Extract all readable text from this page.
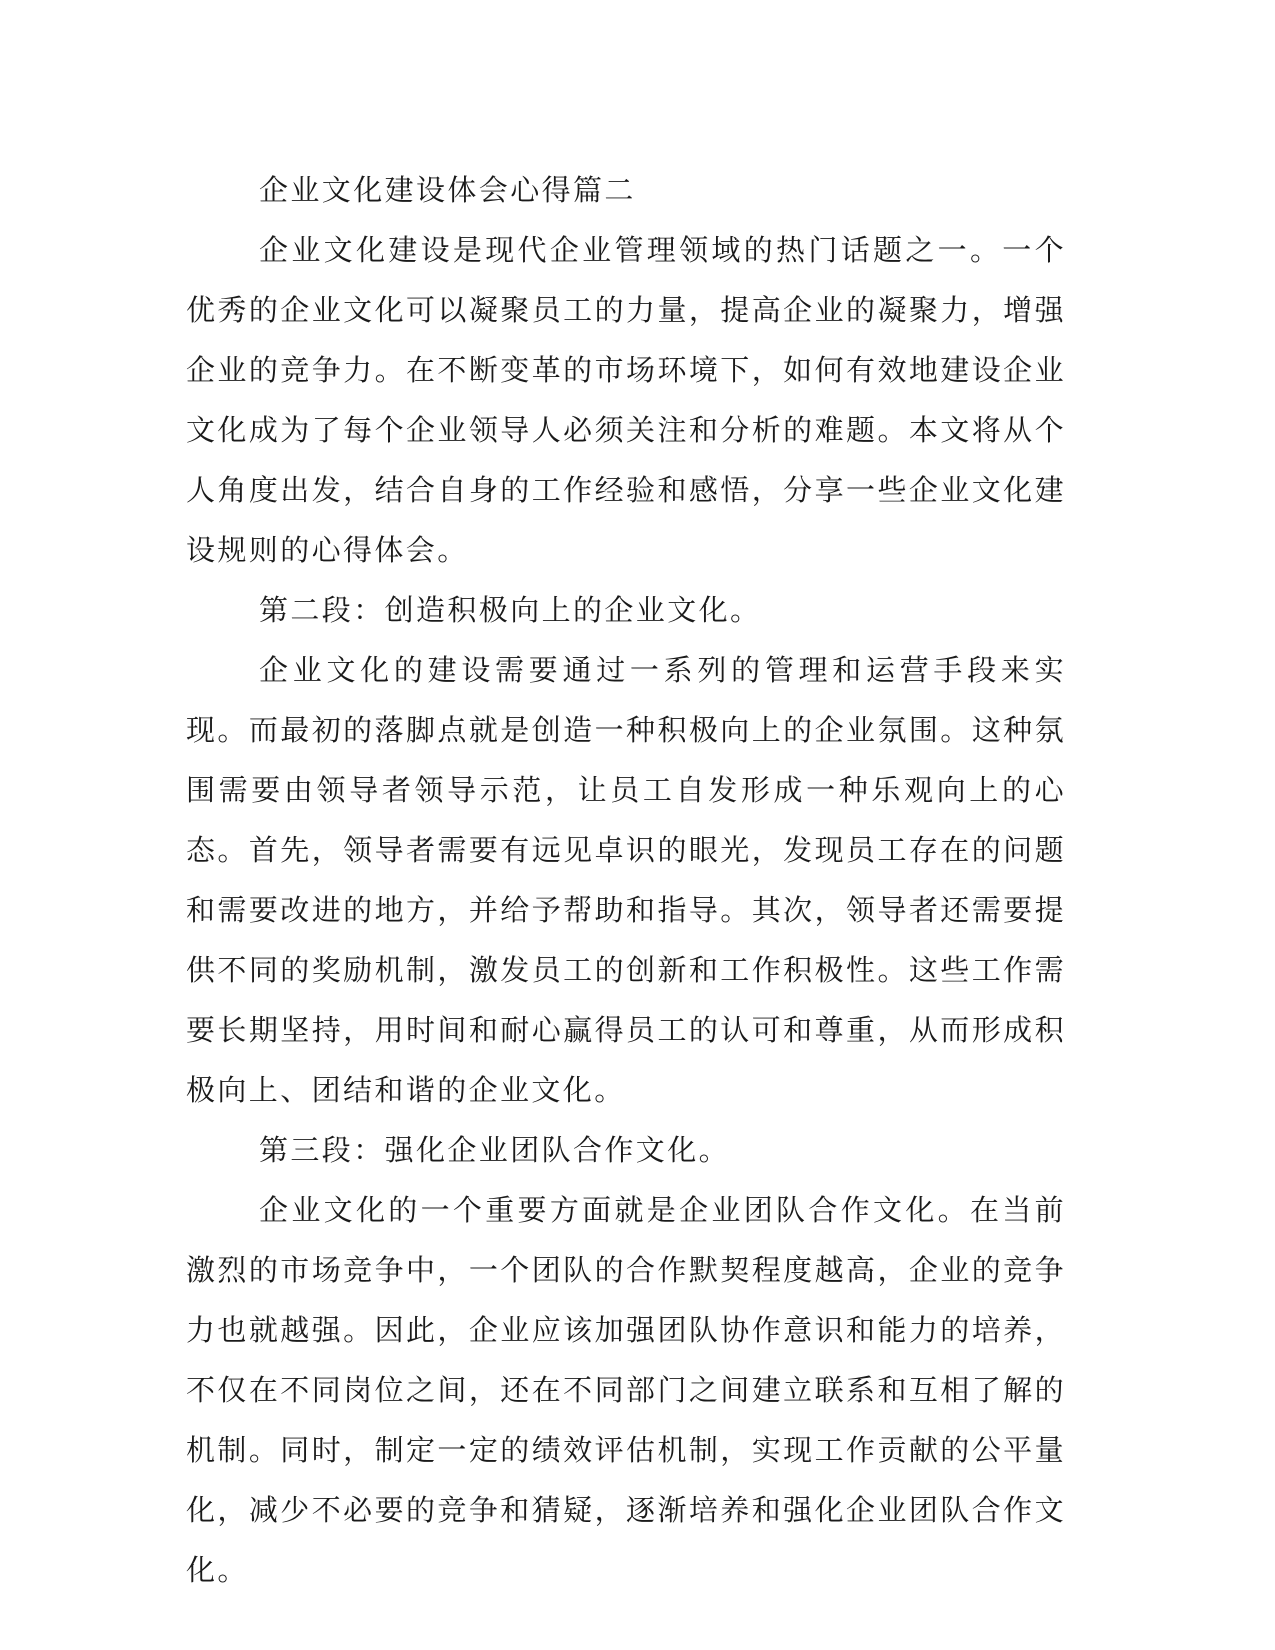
企业文化建设体会心得篇二

企业文化建设是现代企业管理领域的热门话题之一。一个优秀的企业文化可以凝聚员工的力量，提高企业的凝聚力，增强企业的竞争力。在不断变革的市场环境下，如何有效地建设企业文化成为了每个企业领导人必须关注和分析的难题。本文将从个人角度出发，结合自身的工作经验和感悟，分享一些企业文化建设规则的心得体会。

第二段：创造积极向上的企业文化。

企业文化的建设需要通过一系列的管理和运营手段来实现。而最初的落脚点就是创造一种积极向上的企业氛围。这种氛围需要由领导者领导示范，让员工自发形成一种乐观向上的心态。首先，领导者需要有远见卓识的眼光，发现员工存在的问题和需要改进的地方，并给予帮助和指导。其次，领导者还需要提供不同的奖励机制，激发员工的创新和工作积极性。这些工作需要长期坚持，用时间和耐心赢得员工的认可和尊重，从而形成积极向上、团结和谐的企业文化。

第三段：强化企业团队合作文化。

企业文化的一个重要方面就是企业团队合作文化。在当前激烈的市场竞争中，一个团队的合作默契程度越高，企业的竞争力也就越强。因此，企业应该加强团队协作意识和能力的培养，不仅在不同岗位之间，还在不同部门之间建立联系和互相了解的机制。同时，制定一定的绩效评估机制，实现工作贡献的公平量化，减少不必要的竞争和猜疑，逐渐培养和强化企业团队合作文化。
